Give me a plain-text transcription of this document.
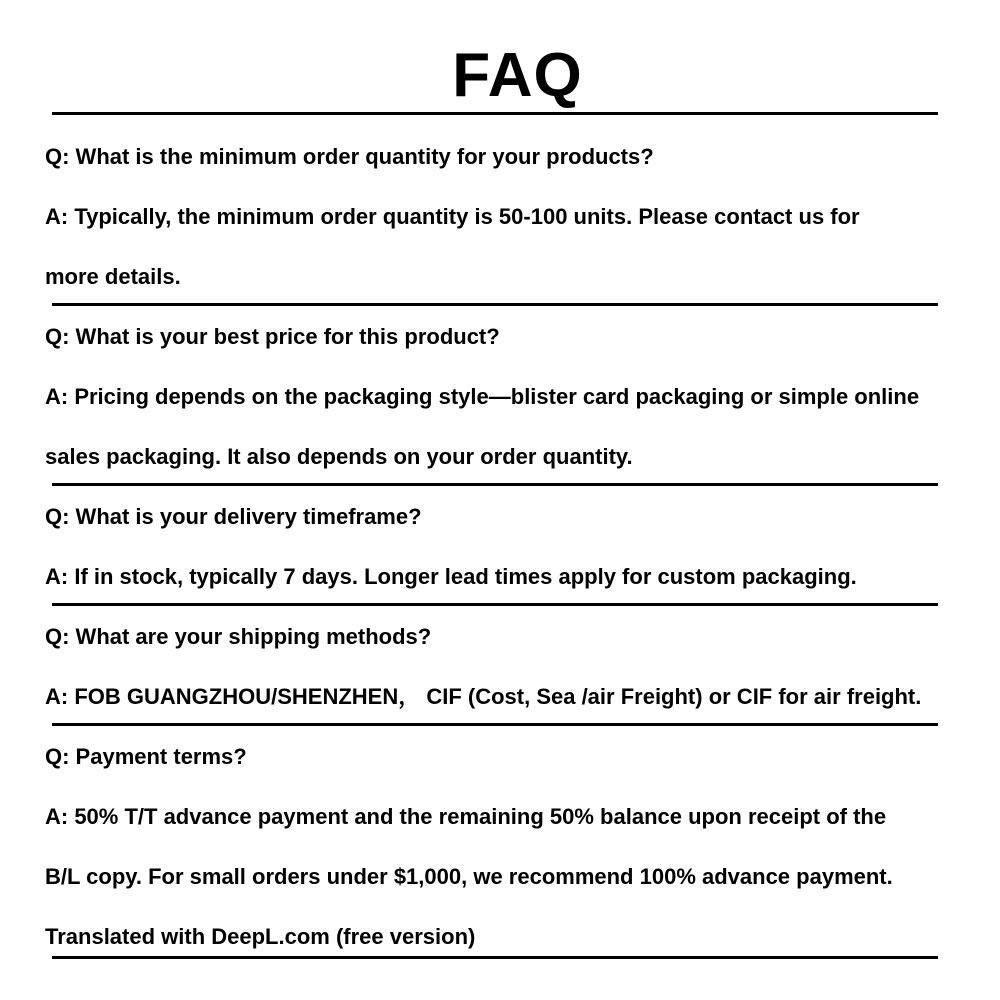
FAQ
Q: What is the minimum order quantity for your products?
A: Typically, the minimum order quantity is 50-100 units. Please contact us for
more details.
Q: What is your best price for this product?
A: Pricing depends on the packaging style—blister card packaging or simple online
sales packaging. It also depends on your order quantity.
Q: What is your delivery timeframe?
A: If in stock, typically 7 days. Longer lead times apply for custom packaging.
Q: What are your shipping methods?
A: FOB GUANGZHOU/SHENZHEN， CIF (Cost, Sea /air Freight) or CIF for air freight.
Q: Payment terms?
A: 50% T/T advance payment and the remaining 50% balance upon receipt of the
B/L copy. For small orders under $1,000, we recommend 100% advance payment.
Translated with DeepL.com (free version)
